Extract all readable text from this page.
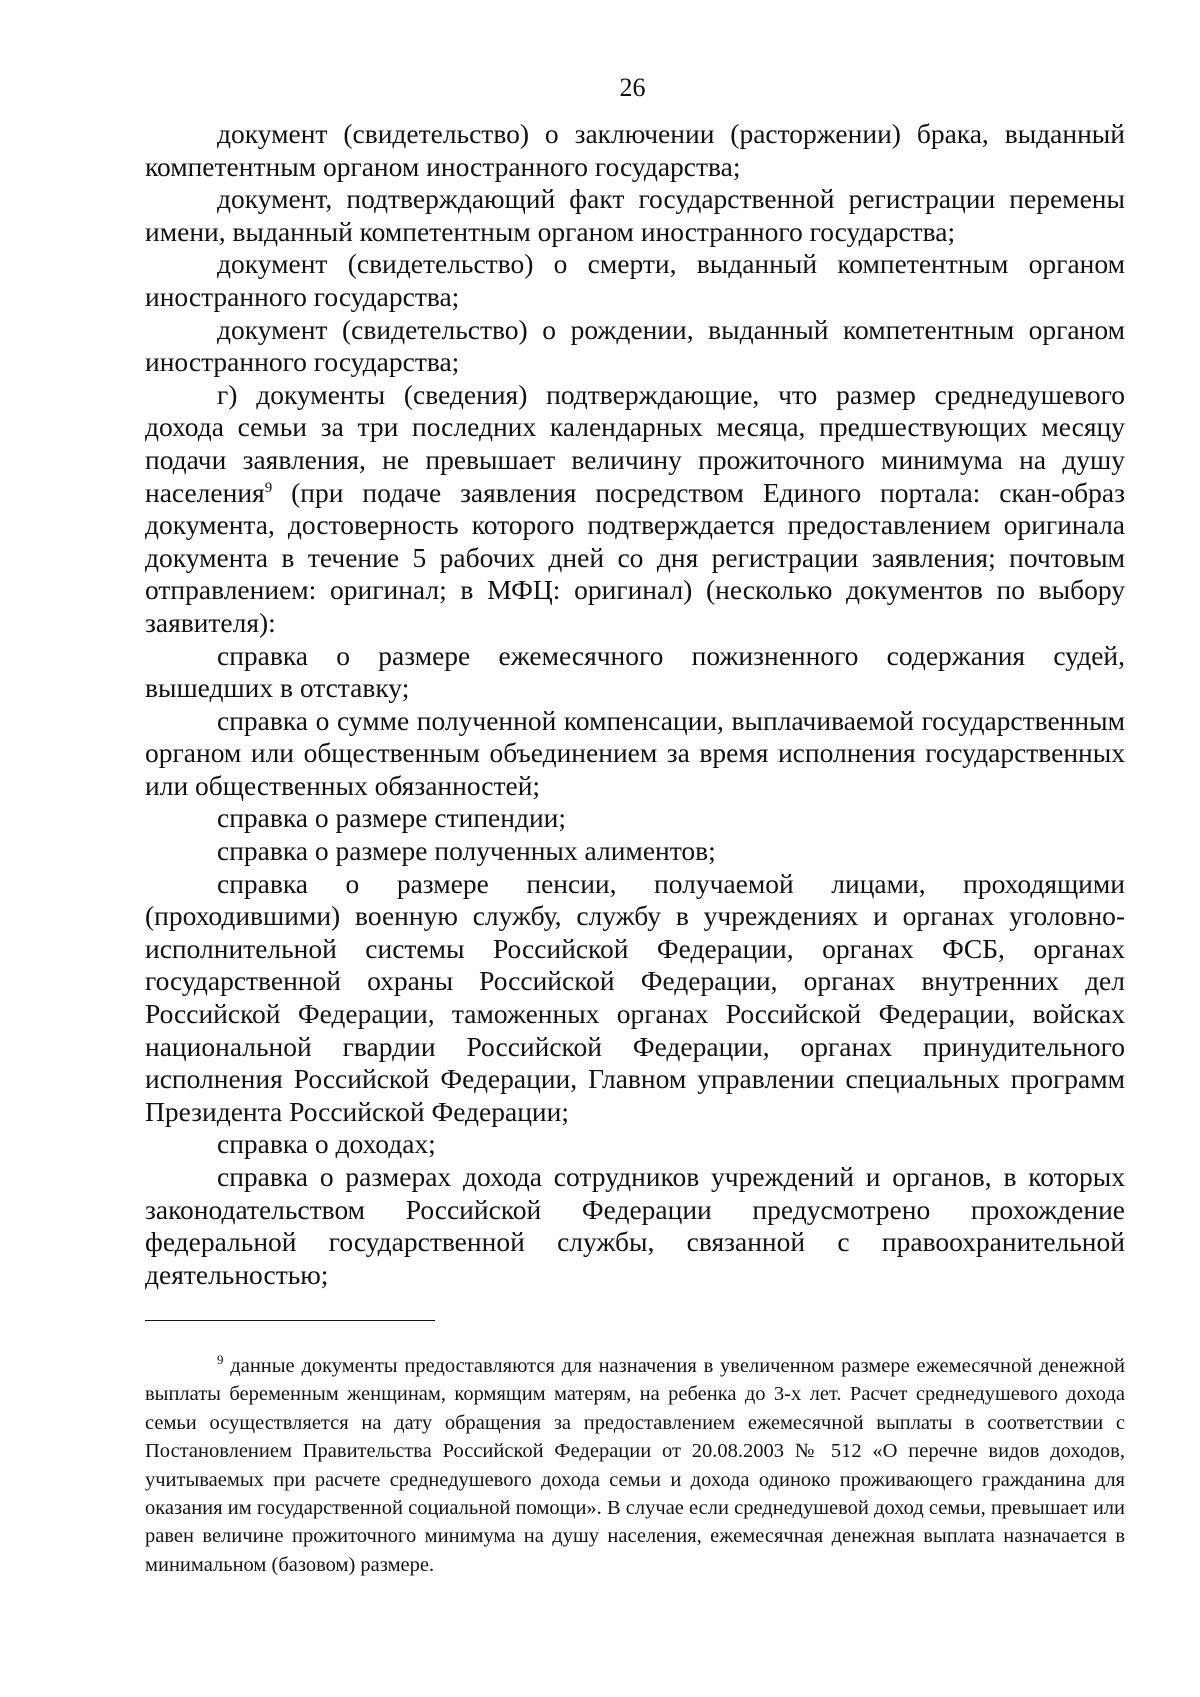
26

документ (свидетельство) о заключении (расторжении) брака, выданный компетентным органом иностранного государства;

документ, подтверждающий факт государственной регистрации перемены имени, выданный компетентным органом иностранного государства;

документ (свидетельство) о смерти, выданный компетентным органом иностранного государства;

документ (свидетельство) о рождении, выданный компетентным органом иностранного государства;

г) документы (сведения) подтверждающие, что размер среднедушевого дохода семьи за три последних календарных месяца, предшествующих месяцу подачи заявления, не превышает величину прожиточного минимума на душу населения$^9$ (при подаче заявления посредством Единого портала: скан-образ документа, достоверность которого подтверждается предоставлением оригинала документа в течение 5 рабочих дней со дня регистрации заявления; почтовым отправлением: оригинал; в МФЦ: оригинал) (несколько документов по выбору заявителя):

справка о размере ежемесячного пожизненного содержания судей, вышедших в отставку;

справка о сумме полученной компенсации, выплачиваемой государственным органом или общественным объединением за время исполнения государственных или общественных обязанностей;

справка о размере стипендии;

справка о размере полученных алиментов;

справка о размере пенсии, получаемой лицами, проходящими (проходившими) военную службу, службу в учреждениях и органах уголовно-исполнительной системы Российской Федерации, органах ФСБ, органах государственной охраны Российской Федерации, органах внутренних дел Российской Федерации, таможенных органах Российской Федерации, войсках национальной гвардии Российской Федерации, органах принудительного исполнения Российской Федерации, Главном управлении специальных программ Президента Российской Федерации;

справка о доходах;

справка о размерах дохода сотрудников учреждений и органов, в которых законодательством Российской Федерации предусмотрено прохождение федеральной государственной службы, связанной с правоохранительной деятельностью;

$^9$ данные документы предоставляются для назначения в увеличенном размере ежемесячной денежной выплаты беременным женщинам, кормящим матерям, на ребенка до 3-х лет. Расчет среднедушевого дохода семьи осуществляется на дату обращения за предоставлением ежемесячной выплаты в соответствии с Постановлением Правительства Российской Федерации от 20.08.2003 № 512 «О перечне видов доходов, учитываемых при расчете среднедушевого дохода семьи и дохода одиноко проживающего гражданина для оказания им государственной социальной помощи». В случае если среднедушевой доход семьи, превышает или равен величине прожиточного минимума на душу населения, ежемесячная денежная выплата назначается в минимальном (базовом) размере.
